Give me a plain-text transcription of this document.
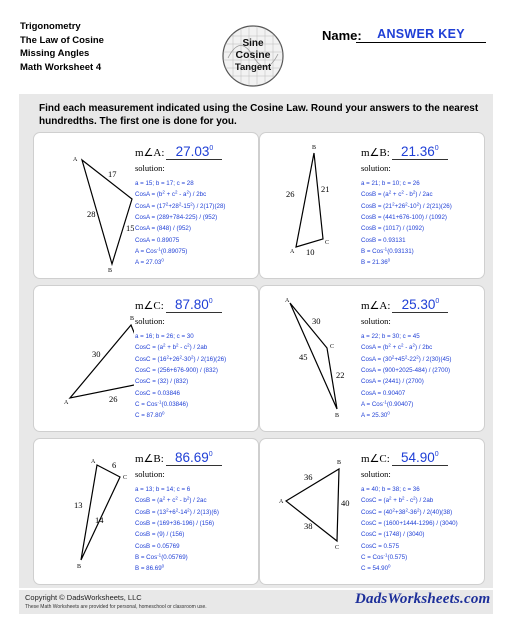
Trigonometry
The Law of Cosine
Missing Angles
Math Worksheet 4
Sine
Cosine
Tangent
Name:	ANSWER KEY
Find each measurement indicated using the Cosine Law. Round your answers to the nearest hundredths. The first one is done for you.
A
B
17
28
15
m∠A: 27.03$^0$
solution:
a = 15; b = 17; c = 28
CosA = $(b^2 + c^2 - a^2) / 2bc$
CosA = $(17^2+28^2-15^2) / 2(17)(28)$
CosA = (289+784-225) / (952)
CosA = (848) / (952)
CosA = 0.89075
A = Cos$^{-1}$(0.89075)
$A = 27.03^0$
B
A
C
26	21
10
m∠B: 21.36$^0$
solution:
a = 21; b = 10; c = 26
CosB = $(a^2 + c^2 - b^2) / 2ac$
CosB = $(21^2+26^2-10^2) / 2(21)(26)$
CosB = (441+676-100) / (1092)
CosB = (1017) / (1092)
CosB = 0.93131
B = Cos$^{-1}$(0.93131)
$B = 21.36^0$
B
A
30
26
m∠C: 87.80$^0$
solution:
a = 16; b = 26; c = 30
CosC = $(a^2 + b^2 - c^2) / 2ab$
CosC = $(16^2+26^2-30^2) / 2(16)(26)$
CosC = (256+676-900) / (832)
CosC = (32) / (832)
CosC = 0.03846
C = Cos$^{-1}$(0.03846)
$C = 87.80^0$
A
C
B
30
45
22
m∠A: 25.30$^0$
solution:
a = 22; b = 30; c = 45
CosA = $(b^2 + c^2 - a^2) / 2bc$
CosA = $(30^2+45^2-22^2) / 2(30)(45)$
CosA = (900+2025-484) / (2700)
CosA = (2441) / (2700)
CosA = 0.90407
A = Cos$^{-1}$(0.90407)
$A = 25.30^0$
A
C
B
6
13
14
m∠B: 86.69$^0$
solution:
a = 13; b = 14; c = 6
CosB = $(a^2 + c^2 - b^2) / 2ac$
CosB = $(13^2+6^2-14^2) / 2(13)(6)$
CosB = (169+36-196) / (156)
CosB = (9) / (156)
CosB = 0.05769
B = Cos$^{-1}$(0.05769)
$B = 86.69^0$
A
B
C
36
40
38
m∠C: 54.90$^0$
solution:
a = 40; b = 38; c = 36
CosC = $(a^2 + b^2 - c^2) / 2ab$
CosC = $(40^2+38^2-36^2) / 2(40)(38)$
CosC = (1600+1444-1296) / (3040)
CosC = (1748) / (3040)
CosC = 0.575
C = Cos$^{-1}$(0.575)
$C = 54.90^0$
Copyright © DadsWorksheets, LLC
These Math Worksheets are provided for personal, homeschool or classroom use.	DadsWorksheets.com
